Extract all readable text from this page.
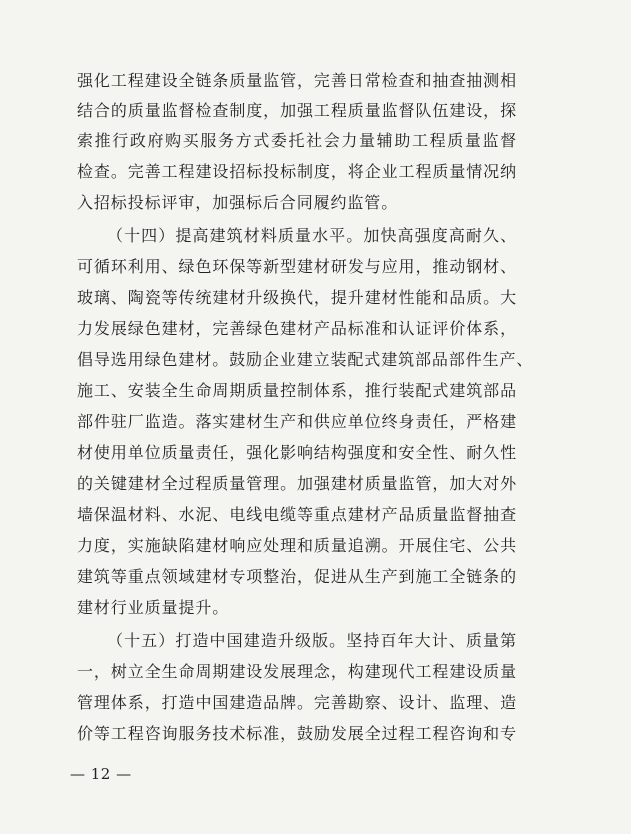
强化工程建设全链条质量监管，完善日常检查和抽查抽测相
结合的质量监督检查制度，加强工程质量监督队伍建设，探
索推行政府购买服务方式委托社会力量辅助工程质量监督
检查。完善工程建设招标投标制度，将企业工程质量情况纳
入招标投标评审，加强标后合同履约监管。
（十四）提高建筑材料质量水平。加快高强度高耐久、
可循环利用、绿色环保等新型建材研发与应用，推动钢材、
玻璃、陶瓷等传统建材升级换代，提升建材性能和品质。大
力发展绿色建材，完善绿色建材产品标准和认证评价体系，
倡导选用绿色建材。鼓励企业建立装配式建筑部品部件生产、
施工、安装全生命周期质量控制体系，推行装配式建筑部品
部件驻厂监造。落实建材生产和供应单位终身责任，严格建
材使用单位质量责任，强化影响结构强度和安全性、耐久性
的关键建材全过程质量管理。加强建材质量监管，加大对外
墙保温材料、水泥、电线电缆等重点建材产品质量监督抽查
力度，实施缺陷建材响应处理和质量追溯。开展住宅、公共
建筑等重点领域建材专项整治，促进从生产到施工全链条的
建材行业质量提升。
（十五）打造中国建造升级版。坚持百年大计、质量第
一，树立全生命周期建设发展理念，构建现代工程建设质量
管理体系，打造中国建造品牌。完善勘察、设计、监理、造
价等工程咨询服务技术标准，鼓励发展全过程工程咨询和专
— 12 —
